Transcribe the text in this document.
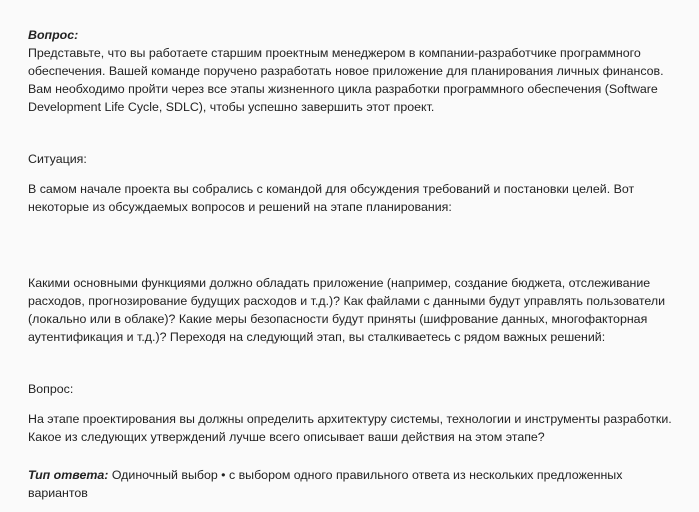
Вопрос:
Представьте, что вы работаете старшим проектным менеджером в компании-разработчике программного обеспечения. Вашей команде поручено разработать новое приложение для планирования личных финансов. Вам необходимо пройти через все этапы жизненного цикла разработки программного обеспечения (Software Development Life Cycle, SDLC), чтобы успешно завершить этот проект.
Ситуация:
В самом начале проекта вы собрались с командой для обсуждения требований и постановки целей. Вот некоторые из обсуждаемых вопросов и решений на этапе планирования:
Какими основными функциями должно обладать приложение (например, создание бюджета, отслеживание расходов, прогнозирование будущих расходов и т.д.)? Как файлами с данными будут управлять пользователи (локально или в облаке)? Какие меры безопасности будут приняты (шифрование данных, многофакторная аутентификация и т.д.)? Переходя на следующий этап, вы сталкиваетесь с рядом важных решений:
Вопрос:
На этапе проектирования вы должны определить архитектуру системы, технологии и инструменты разработки. Какое из следующих утверждений лучше всего описывает ваши действия на этом этапе?
Тип ответа: Одиночный выбор • с выбором одного правильного ответа из нескольких предложенных вариантов
